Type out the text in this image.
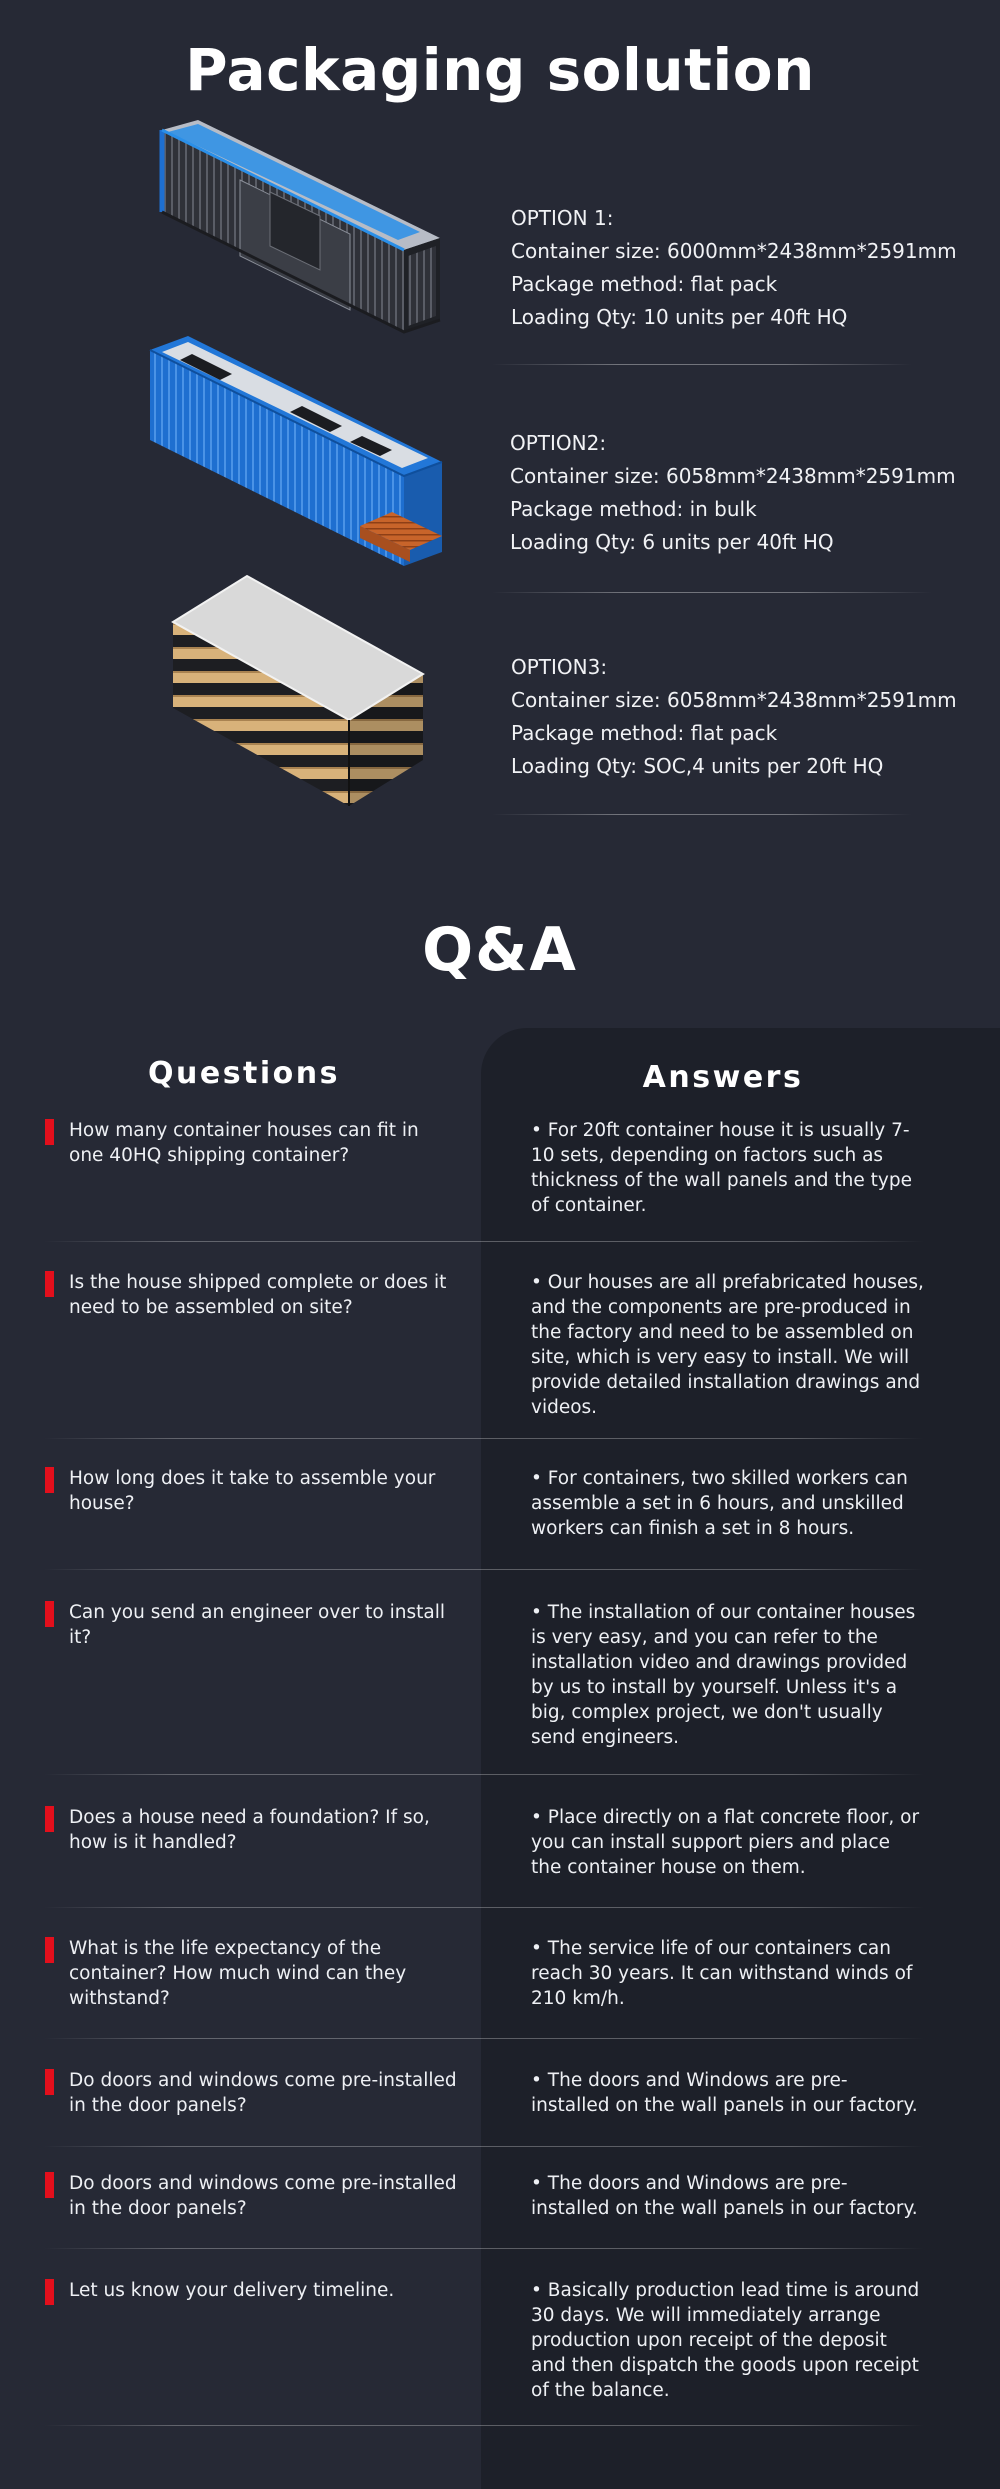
Packaging solution
OPTION 1:
Container size: 6000mm*2438mm*2591mm
Package method: flat pack
Loading Qty: 10 units per 40ft HQ
OPTION2:
Container size: 6058mm*2438mm*2591mm
Package method: in bulk
Loading Qty: 6 units per 40ft HQ
OPTION3:
Container size: 6058mm*2438mm*2591mm
Package method: flat pack
Loading Qty: SOC,4 units per 20ft HQ
Q&A
Questions	Answers
How many container houses can fit in one 40HQ shipping container?
• For 20ft container house it is usually 7-10 sets, depending on factors such as thickness of the wall panels and the type of container.
Is the house shipped complete or does it need to be assembled on site?
• Our houses are all prefabricated houses, and the components are pre-produced in the factory and need to be assembled on site, which is very easy to install. We will provide detailed installation drawings and videos.
How long does it take to assemble your house?
• For containers, two skilled workers can assemble a set in 6 hours, and unskilled workers can finish a set in 8 hours.
Can you send an engineer over to install it?
• The installation of our container houses is very easy, and you can refer to the installation video and drawings provided by us to install by yourself. Unless it's a big, complex project, we don't usually send engineers.
Does a house need a foundation? If so, how is it handled?
• Place directly on a flat concrete floor, or you can install support piers and place the container house on them.
What is the life expectancy of the container? How much wind can they withstand?
• The service life of our containers can reach 30 years. It can withstand winds of 210 km/h.
Do doors and windows come pre-installed in the door panels?
• The doors and Windows are pre-installed on the wall panels in our factory.
Do doors and windows come pre-installed in the door panels?
• The doors and Windows are pre-installed on the wall panels in our factory.
Let us know your delivery timeline.	• Basically production lead time is around 30 days. We will immediately arrange production upon receipt of the deposit and then dispatch the goods upon receipt of the balance.
